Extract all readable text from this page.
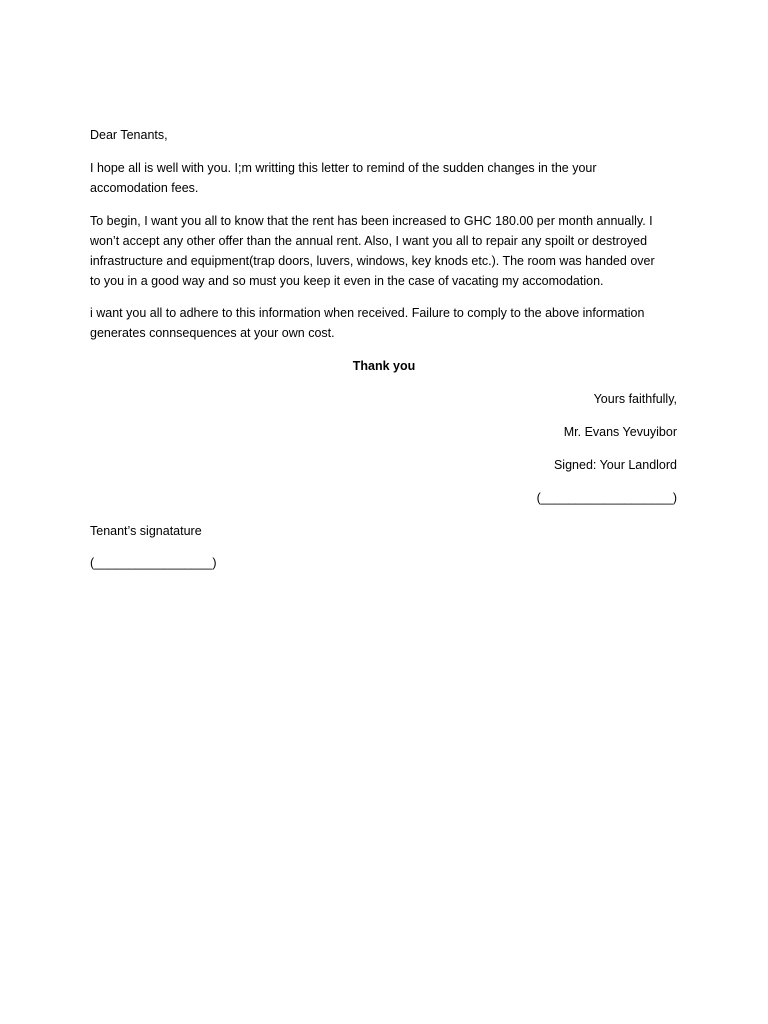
Dear Tenants,
I hope all is well with you. I;m writting this letter to remind of the sudden changes in the your
accomodation fees.
To begin, I want you all to know that the rent has been increased to GHC 180.00 per month annually. I
won’t accept any other offer than the annual rent. Also, I want you all to repair any spoilt or destroyed
infrastructure and equipment(trap doors, luvers, windows, key knods etc.). The room was handed over
to you in a good way and so must you keep it even in the case of vacating my accomodation.
i want you all to adhere to this information when received. Failure to comply to the above information
generates connsequences at your own cost.
Thank you
Yours faithfully,
Mr. Evans Yevuyibor
Signed: Your Landlord
(___________________)
Tenant’s signatature
(_________________)
